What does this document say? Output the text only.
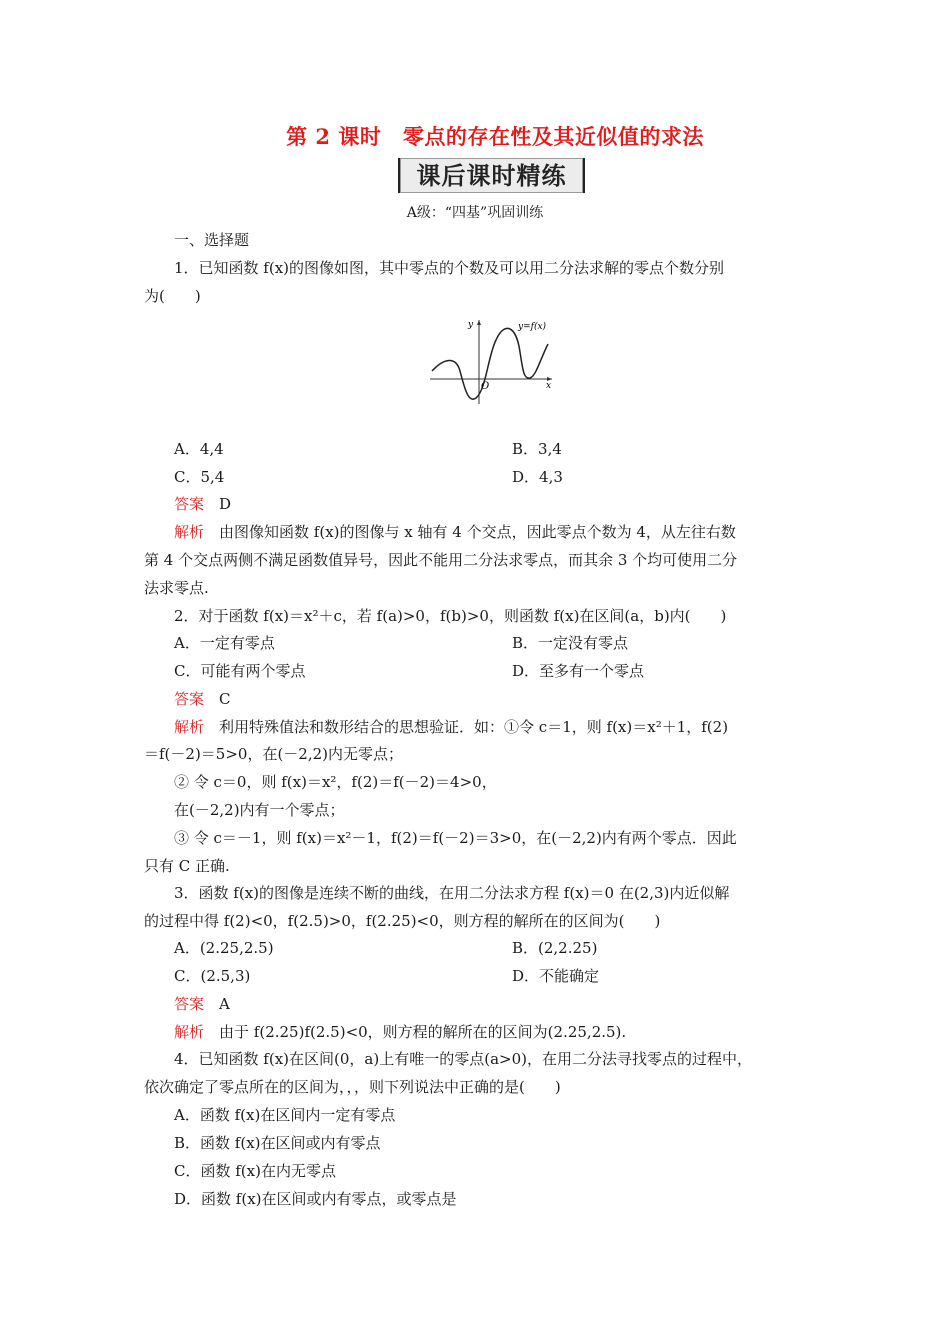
第 2 课时　零点的存在性及其近似值的求法
课后课时精练
A级：“四基”巩固训练
一、选择题
1．已知函数 f(x)的图像如图，其中零点的个数及可以用二分法求解的零点个数分别
为(　　)
y
x
O
y=f(x)
A．4,4	B．3,4
C．5,4	D．4,3
答案　 D
解析　 由图像知函数 f(x)的图像与 x 轴有 4 个交点，因此零点个数为 4，从左往右数
第 4 个交点两侧不满足函数值异号，因此不能用二分法求零点，而其余 3 个均可使用二分
法求零点.
2．对于函数 f(x)＝x²＋c，若 f(a)>0，f(b)>0，则函数 f(x)在区间(a，b)内(　　)
A．一定有零点	B．一定没有零点
C．可能有两个零点	D．至多有一个零点
答案　 C
解析　 利用特殊值法和数形结合的思想验证．如：①令 c＝1，则 f(x)＝x²＋1，f(2)
＝f(－2)＝5>0，在(－2,2)内无零点；
② 令 c＝0，则 f(x)＝x²，f(2)＝f(－2)＝4>0，
在(－2,2)内有一个零点；
③ 令 c＝－1，则 f(x)＝x²－1，f(2)＝f(－2)＝3>0，在(－2,2)内有两个零点．因此
只有 C 正确.
3．函数 f(x)的图像是连续不断的曲线，在用二分法求方程 f(x)＝0 在(2,3)内近似解
的过程中得 f(2)<0，f(2.5)>0，f(2.25)<0，则方程的解所在的区间为(　　)
A．(2.25,2.5)	B．(2,2.25)
C．(2.5,3)	D．不能确定
答案　 A
解析　 由于 f(2.25)f(2.5)<0，则方程的解所在的区间为(2.25,2.5).
4．已知函数 f(x)在区间(0，a)上有唯一的零点(a>0)，在用二分法寻找零点的过程中，
依次确定了零点所在的区间为，，，则下列说法中正确的是(　　)
A．函数 f(x)在区间内一定有零点
B．函数 f(x)在区间或内有零点
C．函数 f(x)在内无零点
D．函数 f(x)在区间或内有零点，或零点是
